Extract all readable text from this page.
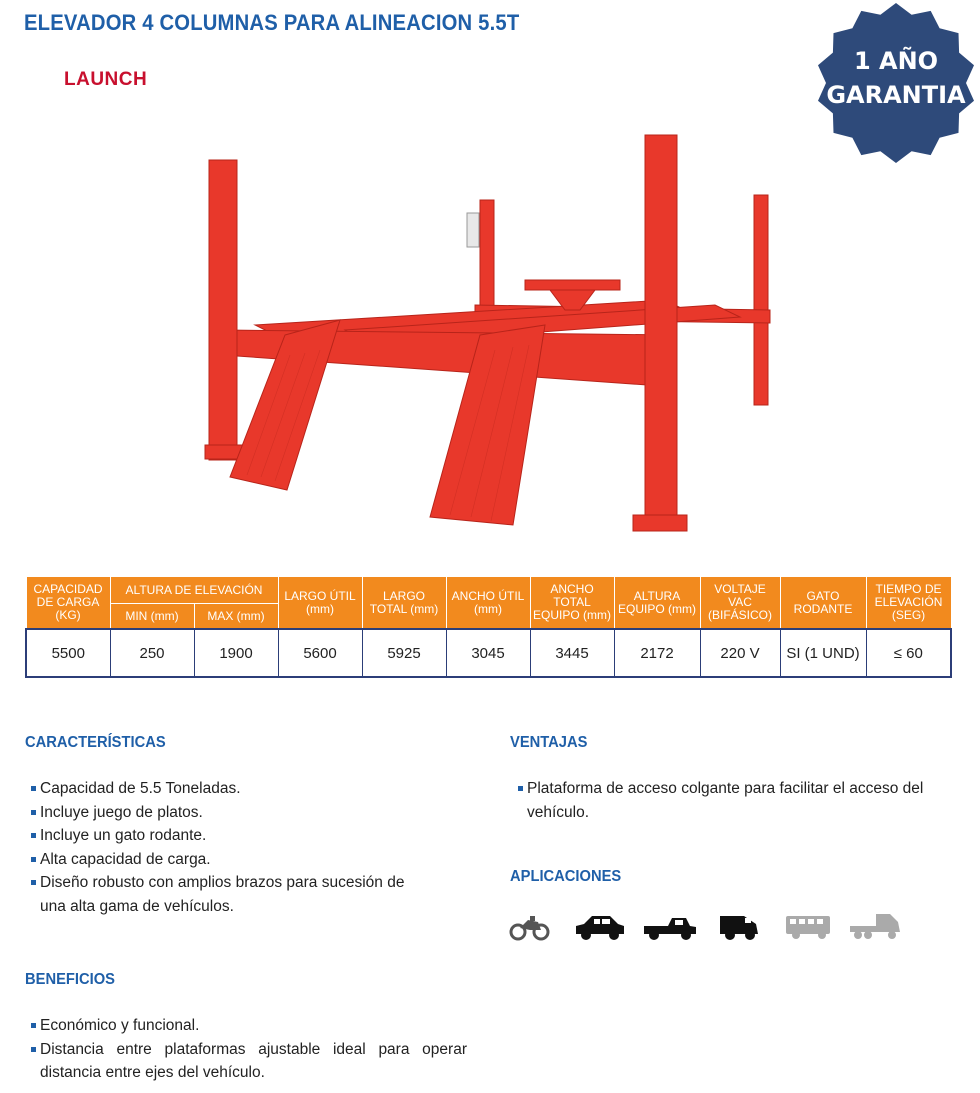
ELEVADOR 4 COLUMNAS PARA ALINEACION 5.5T
LAUNCH
1 AÑO
GARANTIA
CAPACIDAD DE CARGA (KG)	ALTURA DE ELEVACIÓN		LARGO ÚTIL (mm)	LARGO TOTAL (mm)	ANCHO ÚTIL (mm)	ANCHO TOTAL EQUIPO (mm)	ALTURA EQUIPO (mm)	VOLTAJE VAC (BIFÁSICO)	GATO RODANTE	TIEMPO DE ELEVACIÓN (SEG)
	MIN (mm)	MAX (mm)								
5500	250	1900	5600	5925	3045	3445	2172	220 V	SI (1 UND)	≤ 60
CARACTERÍSTICAS
Capacidad de 5.5 Toneladas.
Incluye juego de platos.
Incluye un gato rodante.
Alta capacidad de carga.
Diseño robusto con amplios brazos para sucesión de una alta gama de vehículos.
BENEFICIOS
Económico y funcional.
Distancia entre plataformas ajustable ideal para operar distancia entre ejes del vehículo.
VENTAJAS
Plataforma de acceso colgante para facilitar el acceso del vehículo.
APLICACIONES
